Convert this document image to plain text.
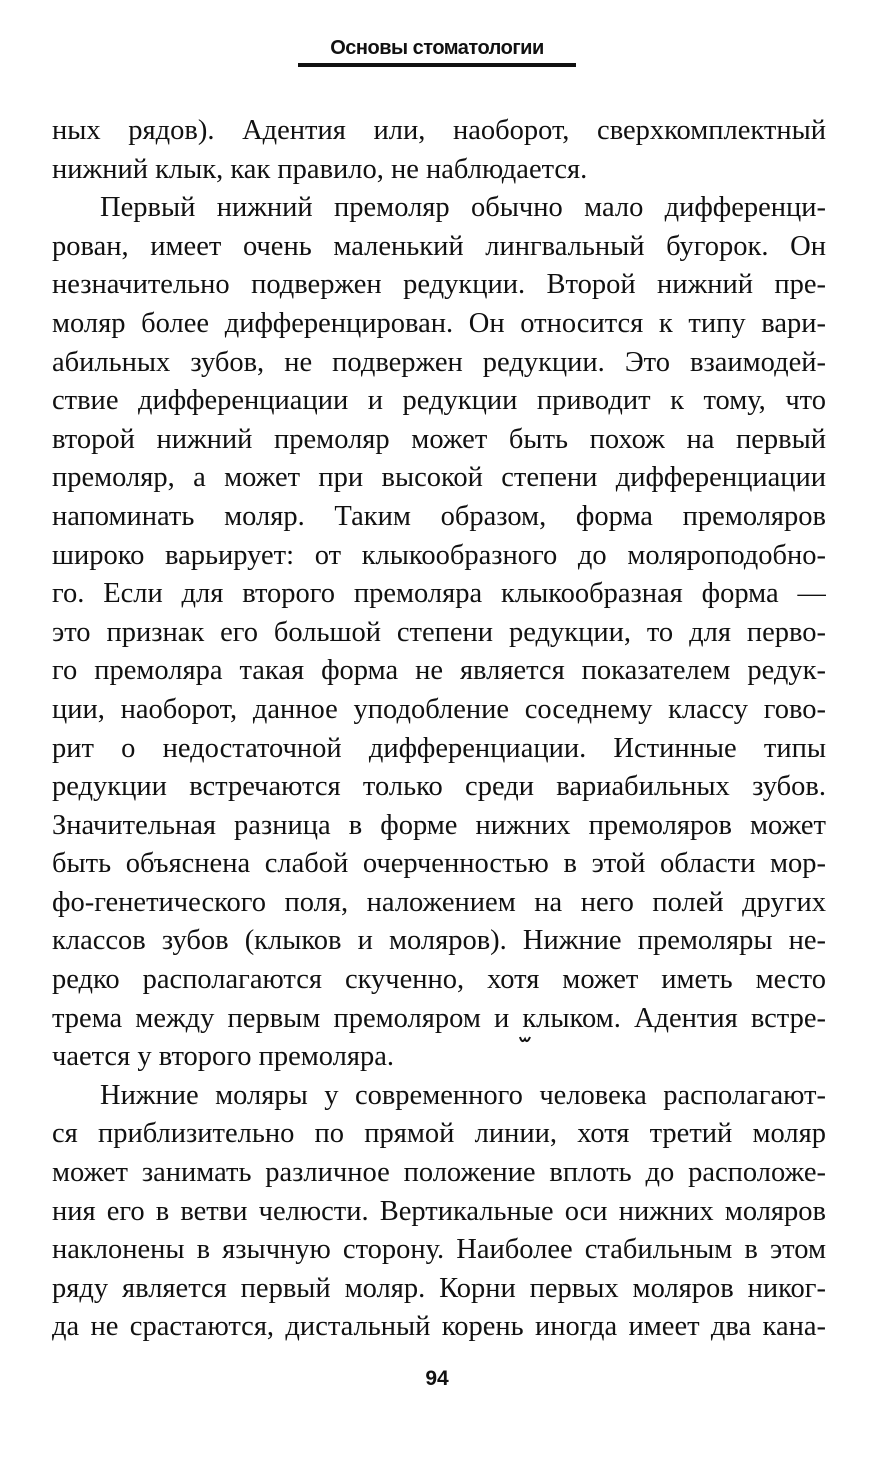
Основы стоматологии
ных рядов). Адентия или, наоборот, сверхкомплектный
нижний клык, как правило, не наблюдается.
Первый нижний премоляр обычно мало дифференци-
рован, имеет очень маленький лингвальный бугорок. Он
незначительно подвержен редукции. Второй нижний пре-
моляр более дифференцирован. Он относится к типу вари-
абильных зубов, не подвержен редукции. Это взаимодей-
ствие дифференциации и редукции приводит к тому, что
второй нижний премоляр может быть похож на первый
премоляр, а может при высокой степени дифференциации
напоминать моляр. Таким образом, форма премоляров
широко варьирует: от клыкообразного до моляроподобно-
го. Если для второго премоляра клыкообразная форма —
это признак его большой степени редукции, то для перво-
го премоляра такая форма не является показателем редук-
ции, наоборот, данное уподобление соседнему классу гово-
рит о недостаточной дифференциации. Истинные типы
редукции встречаются только среди вариабильных зубов.
Значительная разница в форме нижних премоляров может
быть объяснена слабой очерченностью в этой области мор-
фо-генетического поля, наложением на него полей других
классов зубов (клыков и моляров). Нижние премоляры не-
редко располагаются скученно, хотя может иметь место
трема между первым премоляром и клыком. Адентия встре-
чается у второго премоляра.
Нижние моляры у современного человека располагают-
ся приблизительно по прямой линии, хотя третий моляр
может занимать различное положение вплоть до расположе-
ния его в ветви челюсти. Вертикальные оси нижних моляров
наклонены в язычную сторону. Наиболее стабильным в этом
ряду является первый моляр. Корни первых моляров никог-
да не срастаются, дистальный корень иногда имеет два кана-
94
